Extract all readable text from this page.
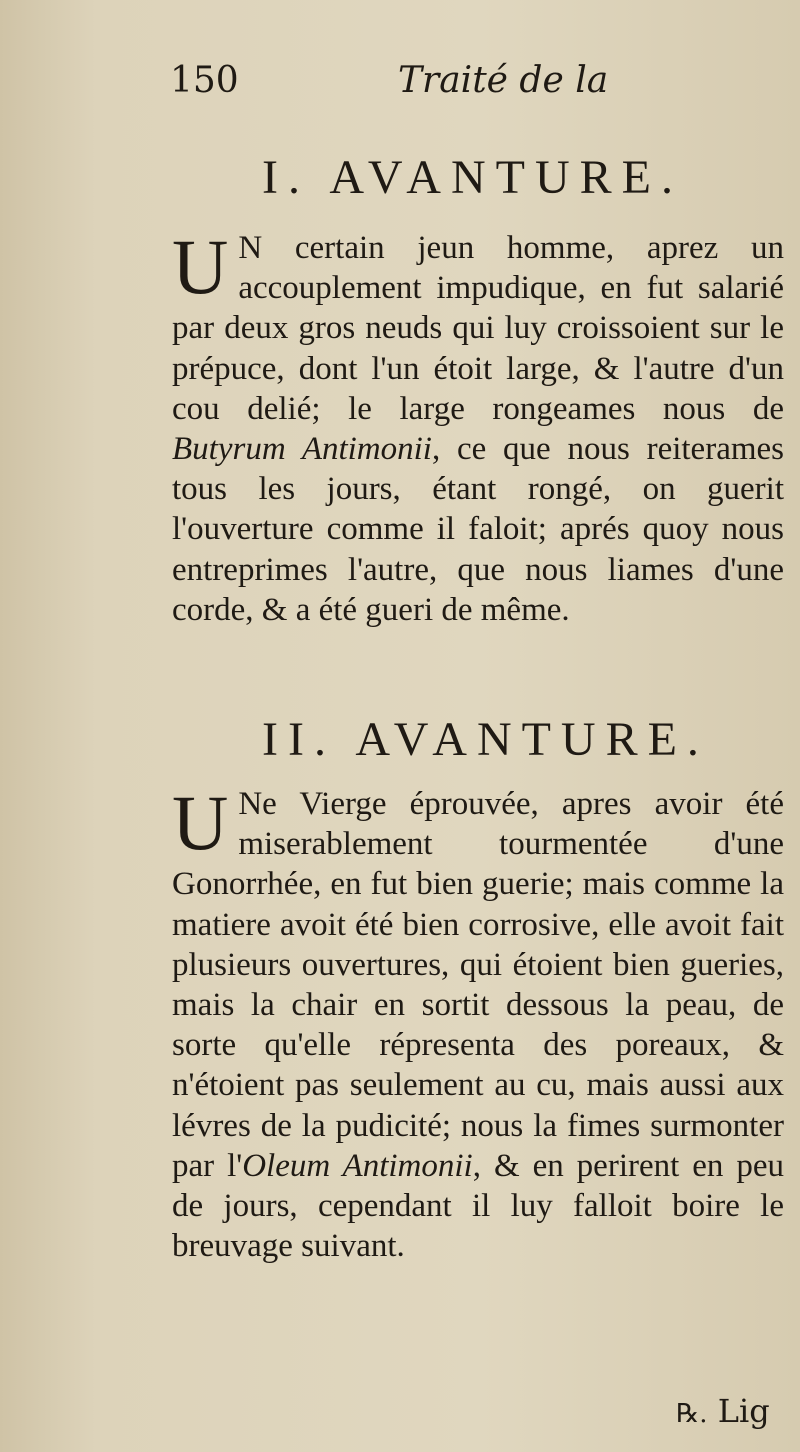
150	Traité de la
I. AVANTURE.

U N certain jeun homme, aprez un accouplement impudique, en fut salarié par deux gros neuds qui luy croissoient sur le prépuce, dont l'un étoit large, & l'autre d'un cou delié; le large rongeames nous de Butyrum Antimonii, ce que nous reiterames tous les jours, étant rongé, on guerit l'ouverture comme il faloit; aprés quoy nous entreprimes l'autre, que nous liames d'une corde, & a été gueri de même.

II. AVANTURE.

U Ne Vierge éprouvée, apres avoir été miserablement tourmentée d'une Gonorrhée, en fut bien guerie; mais comme la matiere avoit été bien corrosive, elle avoit fait plusieurs ouvertures, qui étoient bien gueries, mais la chair en sortit dessous la peau, de sorte qu'elle répresenta des poreaux, & n'étoient pas seulement au cu, mais aussi aux lévres de la pudicité; nous la fimes surmonter par l'Oleum Antimonii, & en perirent en peu de jours, cependant il luy falloit boire le breuvage suivant.

℞. Lig
